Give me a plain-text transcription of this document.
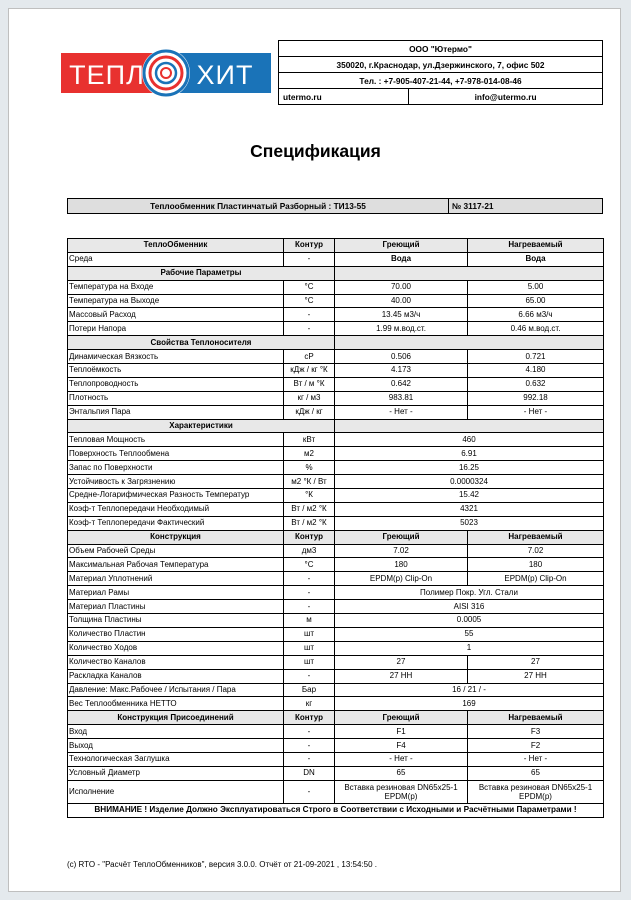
ТЕПЛ ХИТ
ООО "Ютермо"
350020, г.Краснодар, ул.Дзержинского, 7, офис 502
Тел. : +7-905-407-21-44, +7-978-014-08-46
utermo.ru	info@utermo.ru
Спецификация
Теплообменник Пластинчатый Разборный : ТИ13-55	№ 3117-21
ТеплоОбменник	Контур	Греющий	Нагреваемый
Среда	-	Вода	Вода
Рабочие Параметры			
Температура на Входе	°С	70.00	5.00
Температура на Выходе	°С	40.00	65.00
Массовый Расход	-	13.45 м3/ч	6.66 м3/ч
Потери Напора	-	1.99 м.вод.ст.	0.46 м.вод.ст.
Свойства Теплоносителя			
Динамическая Вязкость	cP	0.506	0.721
Теплоёмкость	кДж / кг °К	4.173	4.180
Теплопроводность	Вт / м °К	0.642	0.632
Плотность	кг / м3	983.81	992.18
Энтальпия Пара	кДж / кг	- Нет -	- Нет -
Характеристики			
Тепловая Мощность	кВт	460	
Поверхность Теплообмена	м2	6.91	
Запас по Поверхности	%	16.25	
Устойчивость к Загрязнению	м2 °К / Вт	0.0000324	
Средне-Логарифмическая Разность Температур	°К	15.42	
Коэф-т Теплопередачи Необходимый	Вт / м2 °К	4321	
Коэф-т Теплопередачи Фактический	Вт / м2 °К	5023	
Конструкция	Контур	Греющий	Нагреваемый
Объем Рабочей Среды	дм3	7.02	7.02
Максимальная Рабочая Температура	°С	180	180
Материал Уплотнений	-	EPDM(p) Clip-On	EPDM(p) Clip-On
Материал Рамы	-	Полимер Покр. Угл. Стали	
Материал Пластины	-	AISI 316	
Толщина Пластины	м	0.0005	
Количество Пластин	шт	55	
Количество Ходов	шт	1	
Количество Каналов	шт	27	27
Раскладка Каналов	-	27 НН	27 НН
Давление: Макс.Рабочее / Испытания / Пара	Бар	16 / 21 / -	
Вес Теплообменника НЕТТО	кг	169	
Конструкция Присоединений	Контур	Греющий	Нагреваемый
Вход	-	F1	F3
Выход	-	F4	F2
Технологическая Заглушка	-	- Нет -	- Нет -
Условный Диаметр	DN	65	65
Исполнение	-	Вставка резиновая DN65x25-1 EPDM(p)	Вставка резиновая DN65x25-1 EPDM(p)
ВНИМАНИЕ ! Изделие Должно Эксплуатироваться Строго в Соответствии с Исходными и Расчётными Параметрами !			
(c) RTO - "Расчёт ТеплоОбменников", версия 3.0.0. Отчёт от 21-09-2021 , 13:54:50 .
